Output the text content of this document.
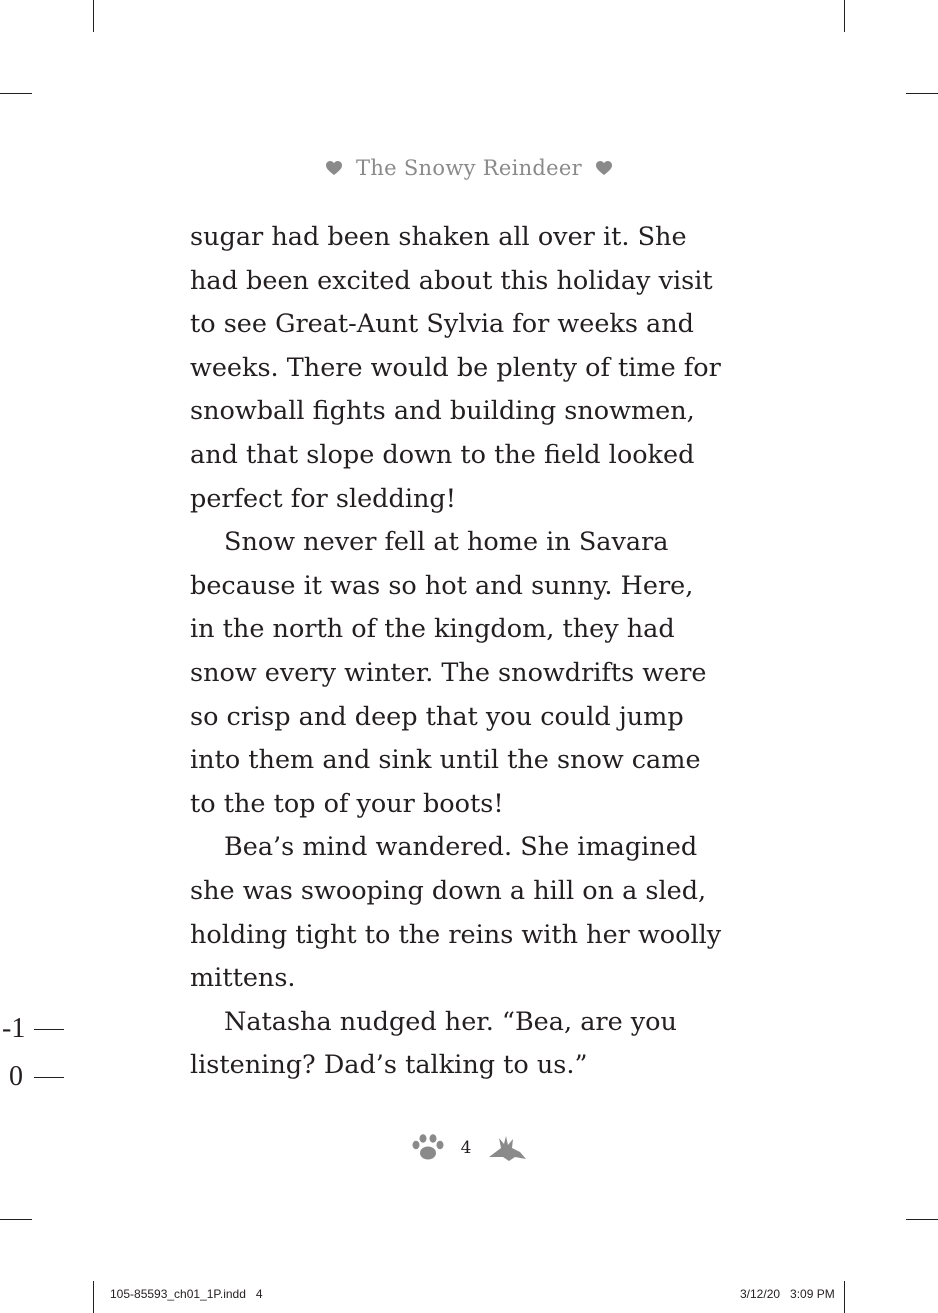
The Snowy Reindeer

sugar had been shaken all over it. She
had been excited about this holiday visit
to see Great-Aunt Sylvia for weeks and
weeks. There would be plenty of time for
snowball fights and building snowmen,
and that slope down to the field looked
perfect for sledding!

Snow never fell at home in Savara
because it was so hot and sunny. Here,
in the north of the kingdom, they had
snow every winter. The snowdrifts were
so crisp and deep that you could jump
into them and sink until the snow came
to the top of your boots!

Bea’s mind wandered. She imagined
she was swooping down a hill on a sled,
holding tight to the reins with her woolly
mittens.

Natasha nudged her. “Bea, are you
listening? Dad’s talking to us.”

-1
0
4
105-85593_ch01_1P.indd   4	3/12/20   3:09 PM
